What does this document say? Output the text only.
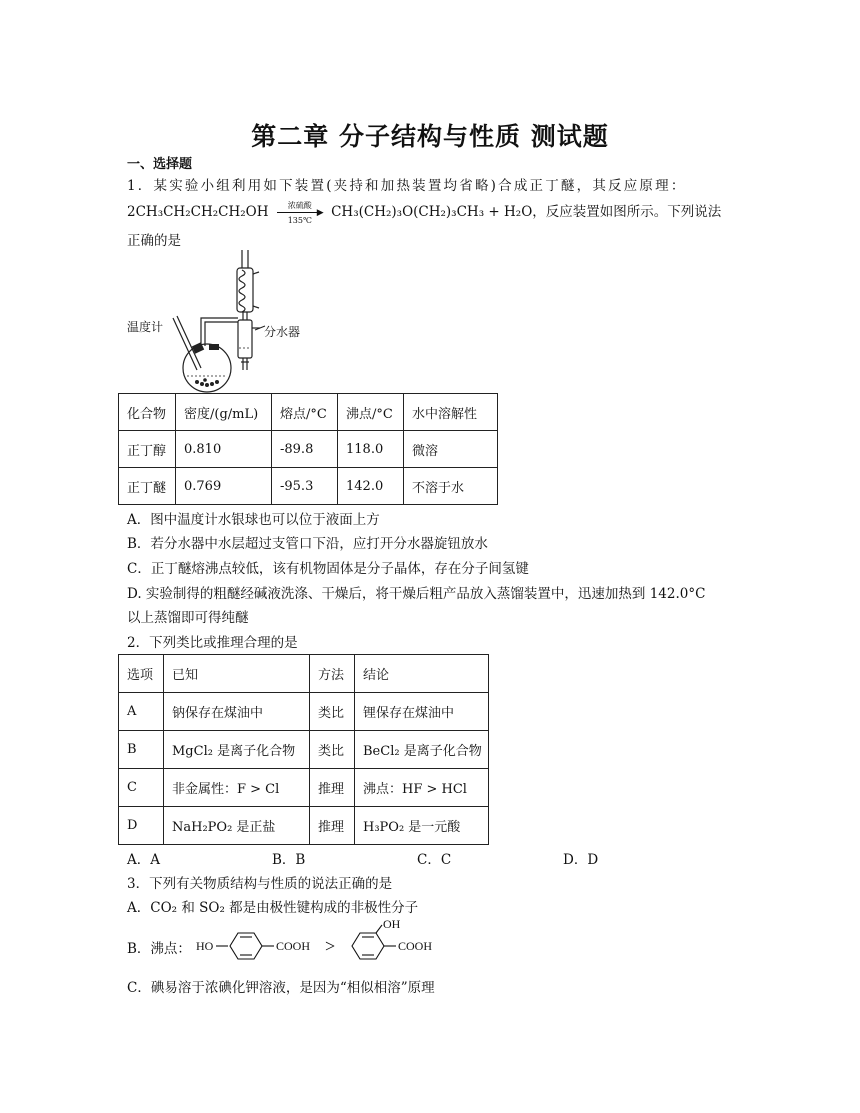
第二章 分子结构与性质 测试题
一、选择题
1．某实验小组利用如下装置(夹持和加热装置均省略)合成正丁醚，其反应原理：
2CH₃CH₂CH₂CH₂OH	浓硫酸
▶
135℃	CH₃(CH₂)₃O(CH₂)₃CH₃ + H₂O，反应装置如图所示。下列说法
正确的是
温度计	分水器
化合物	密度/(g/mL)	熔点/°C	沸点/°C	水中溶解性
正丁醇	0.810	-89.8	118.0	微溶
正丁醚	0.769	-95.3	142.0	不溶于水
A．图中温度计水银球也可以位于液面上方
B．若分水器中水层超过支管口下沿，应打开分水器旋钮放水
C．正丁醚熔沸点较低，该有机物固体是分子晶体，存在分子间氢键
D. 实验制得的粗醚经碱液洗涤、干燥后，将干燥后粗产品放入蒸馏装置中，迅速加热到 142.0°C
以上蒸馏即可得纯醚
2．下列类比或推理合理的是
选项	已知	方法	结论
A	钠保存在煤油中	类比	锂保存在煤油中
B	MgCl₂ 是离子化合物	类比	BeCl₂ 是离子化合物
C	非金属性：F > Cl	推理	沸点：HF > HCl
D	NaH₂PO₂ 是正盐	推理	H₃PO₂ 是一元酸
A．A	B．B	C．C	D．D
3．下列有关物质结构与性质的说法正确的是
A．CO₂ 和 SO₂ 都是由极性键构成的非极性分子
B．沸点：	>
HO	COOH
OH
COOH
C．碘易溶于浓碘化钾溶液，是因为“相似相溶”原理
